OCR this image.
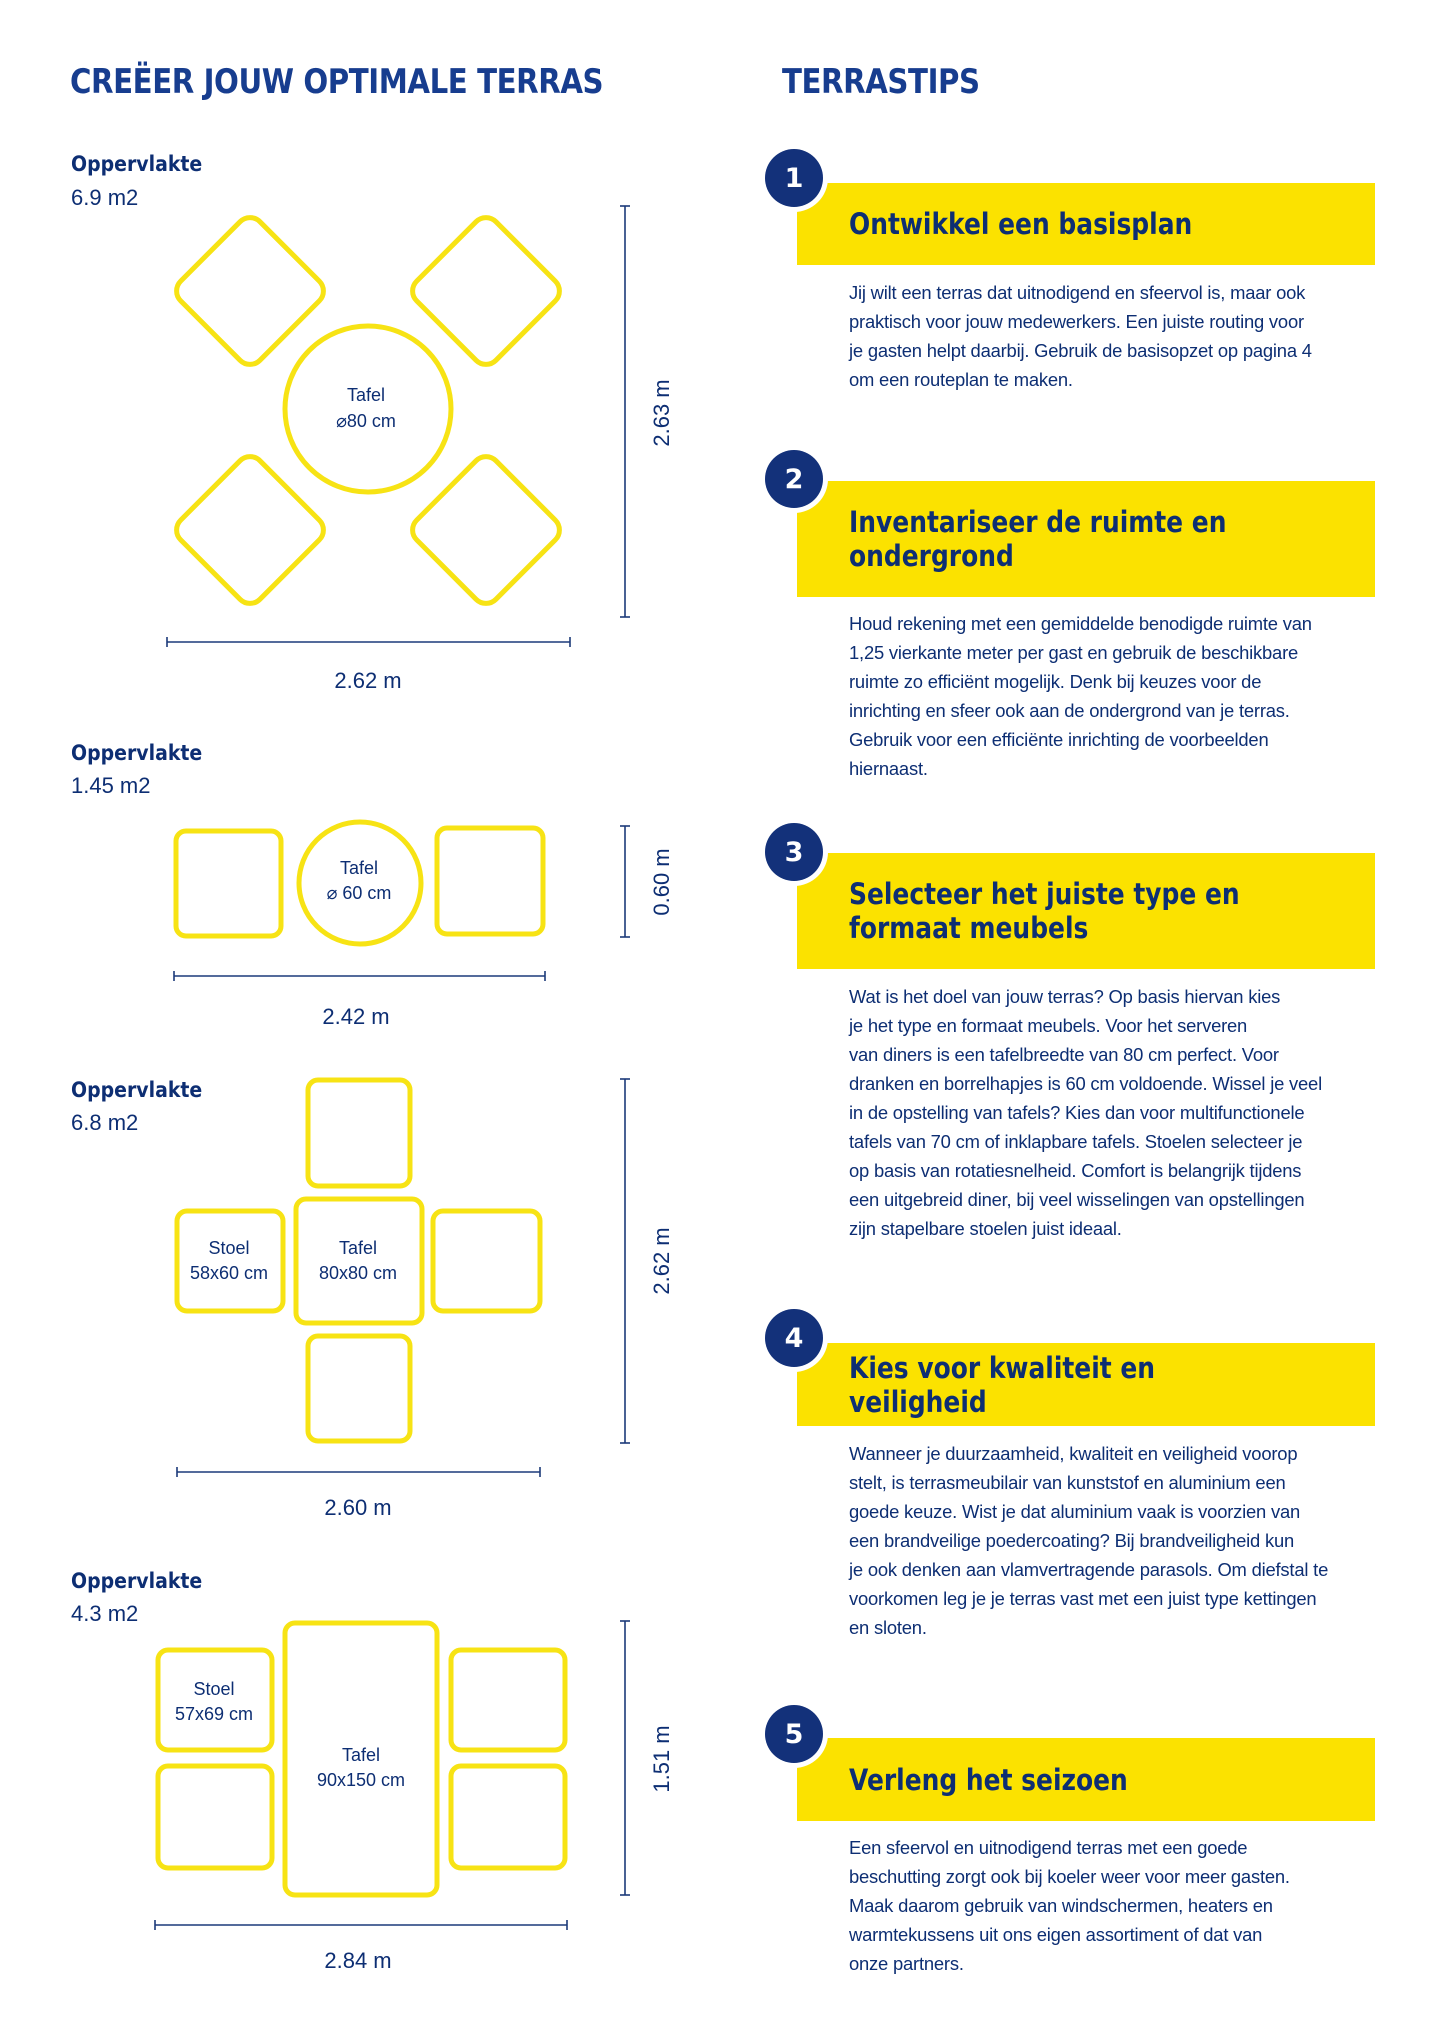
CREËER JOUW OPTIMALE TERRAS
Oppervlakte
6.9 m2
Oppervlakte
1.45 m2
Oppervlakte
6.8 m2
Oppervlakte
4.3 m2
Tafel
⌀80 cm	2.63 m
2.62 m
Tafel
⌀ 60 cm	0.60 m
2.42 m
Stoel
58x60 cm
Tafel
80x80 cm	2.62 m
2.60 m
Stoel
57x69 cm
Tafel
90x150 cm	1.51 m
2.84 m
TERRASTIPS
Ontwikkel een basisplan
1
Jij wilt een terras dat uitnodigend en sfeervol is, maar ook
praktisch voor jouw medewerkers. Een juiste routing voor
je gasten helpt daarbij. Gebruik de basisopzet op pagina 4
om een routeplan te maken.
Inventariseer de ruimte en
ondergrond
2
Houd rekening met een gemiddelde benodigde ruimte van
1,25 vierkante meter per gast en gebruik de beschikbare
ruimte zo efficiënt mogelijk. Denk bij keuzes voor de
inrichting en sfeer ook aan de ondergrond van je terras.
Gebruik voor een efficiënte inrichting de voorbeelden
hiernaast.
Selecteer het juiste type en
formaat meubels
3
Wat is het doel van jouw terras? Op basis hiervan kies
je het type en formaat meubels. Voor het serveren
van diners is een tafelbreedte van 80 cm perfect. Voor
dranken en borrelhapjes is 60 cm voldoende. Wissel je veel
in de opstelling van tafels? Kies dan voor multifunctionele
tafels van 70 cm of inklapbare tafels. Stoelen selecteer je
op basis van rotatiesnelheid. Comfort is belangrijk tijdens
een uitgebreid diner, bij veel wisselingen van opstellingen
zijn stapelbare stoelen juist ideaal.
Kies voor kwaliteit en veiligheid
4
Wanneer je duurzaamheid, kwaliteit en veiligheid voorop
stelt, is terrasmeubilair van kunststof en aluminium een
goede keuze. Wist je dat aluminium vaak is voorzien van
een brandveilige poedercoating? Bij brandveiligheid kun
je ook denken aan vlamvertragende parasols. Om diefstal te
voorkomen leg je je terras vast met een juist type kettingen
en sloten.
Verleng het seizoen
5
Een sfeervol en uitnodigend terras met een goede
beschutting zorgt ook bij koeler weer voor meer gasten.
Maak daarom gebruik van windschermen, heaters en
warmtekussens uit ons eigen assortiment of dat van
onze partners.
